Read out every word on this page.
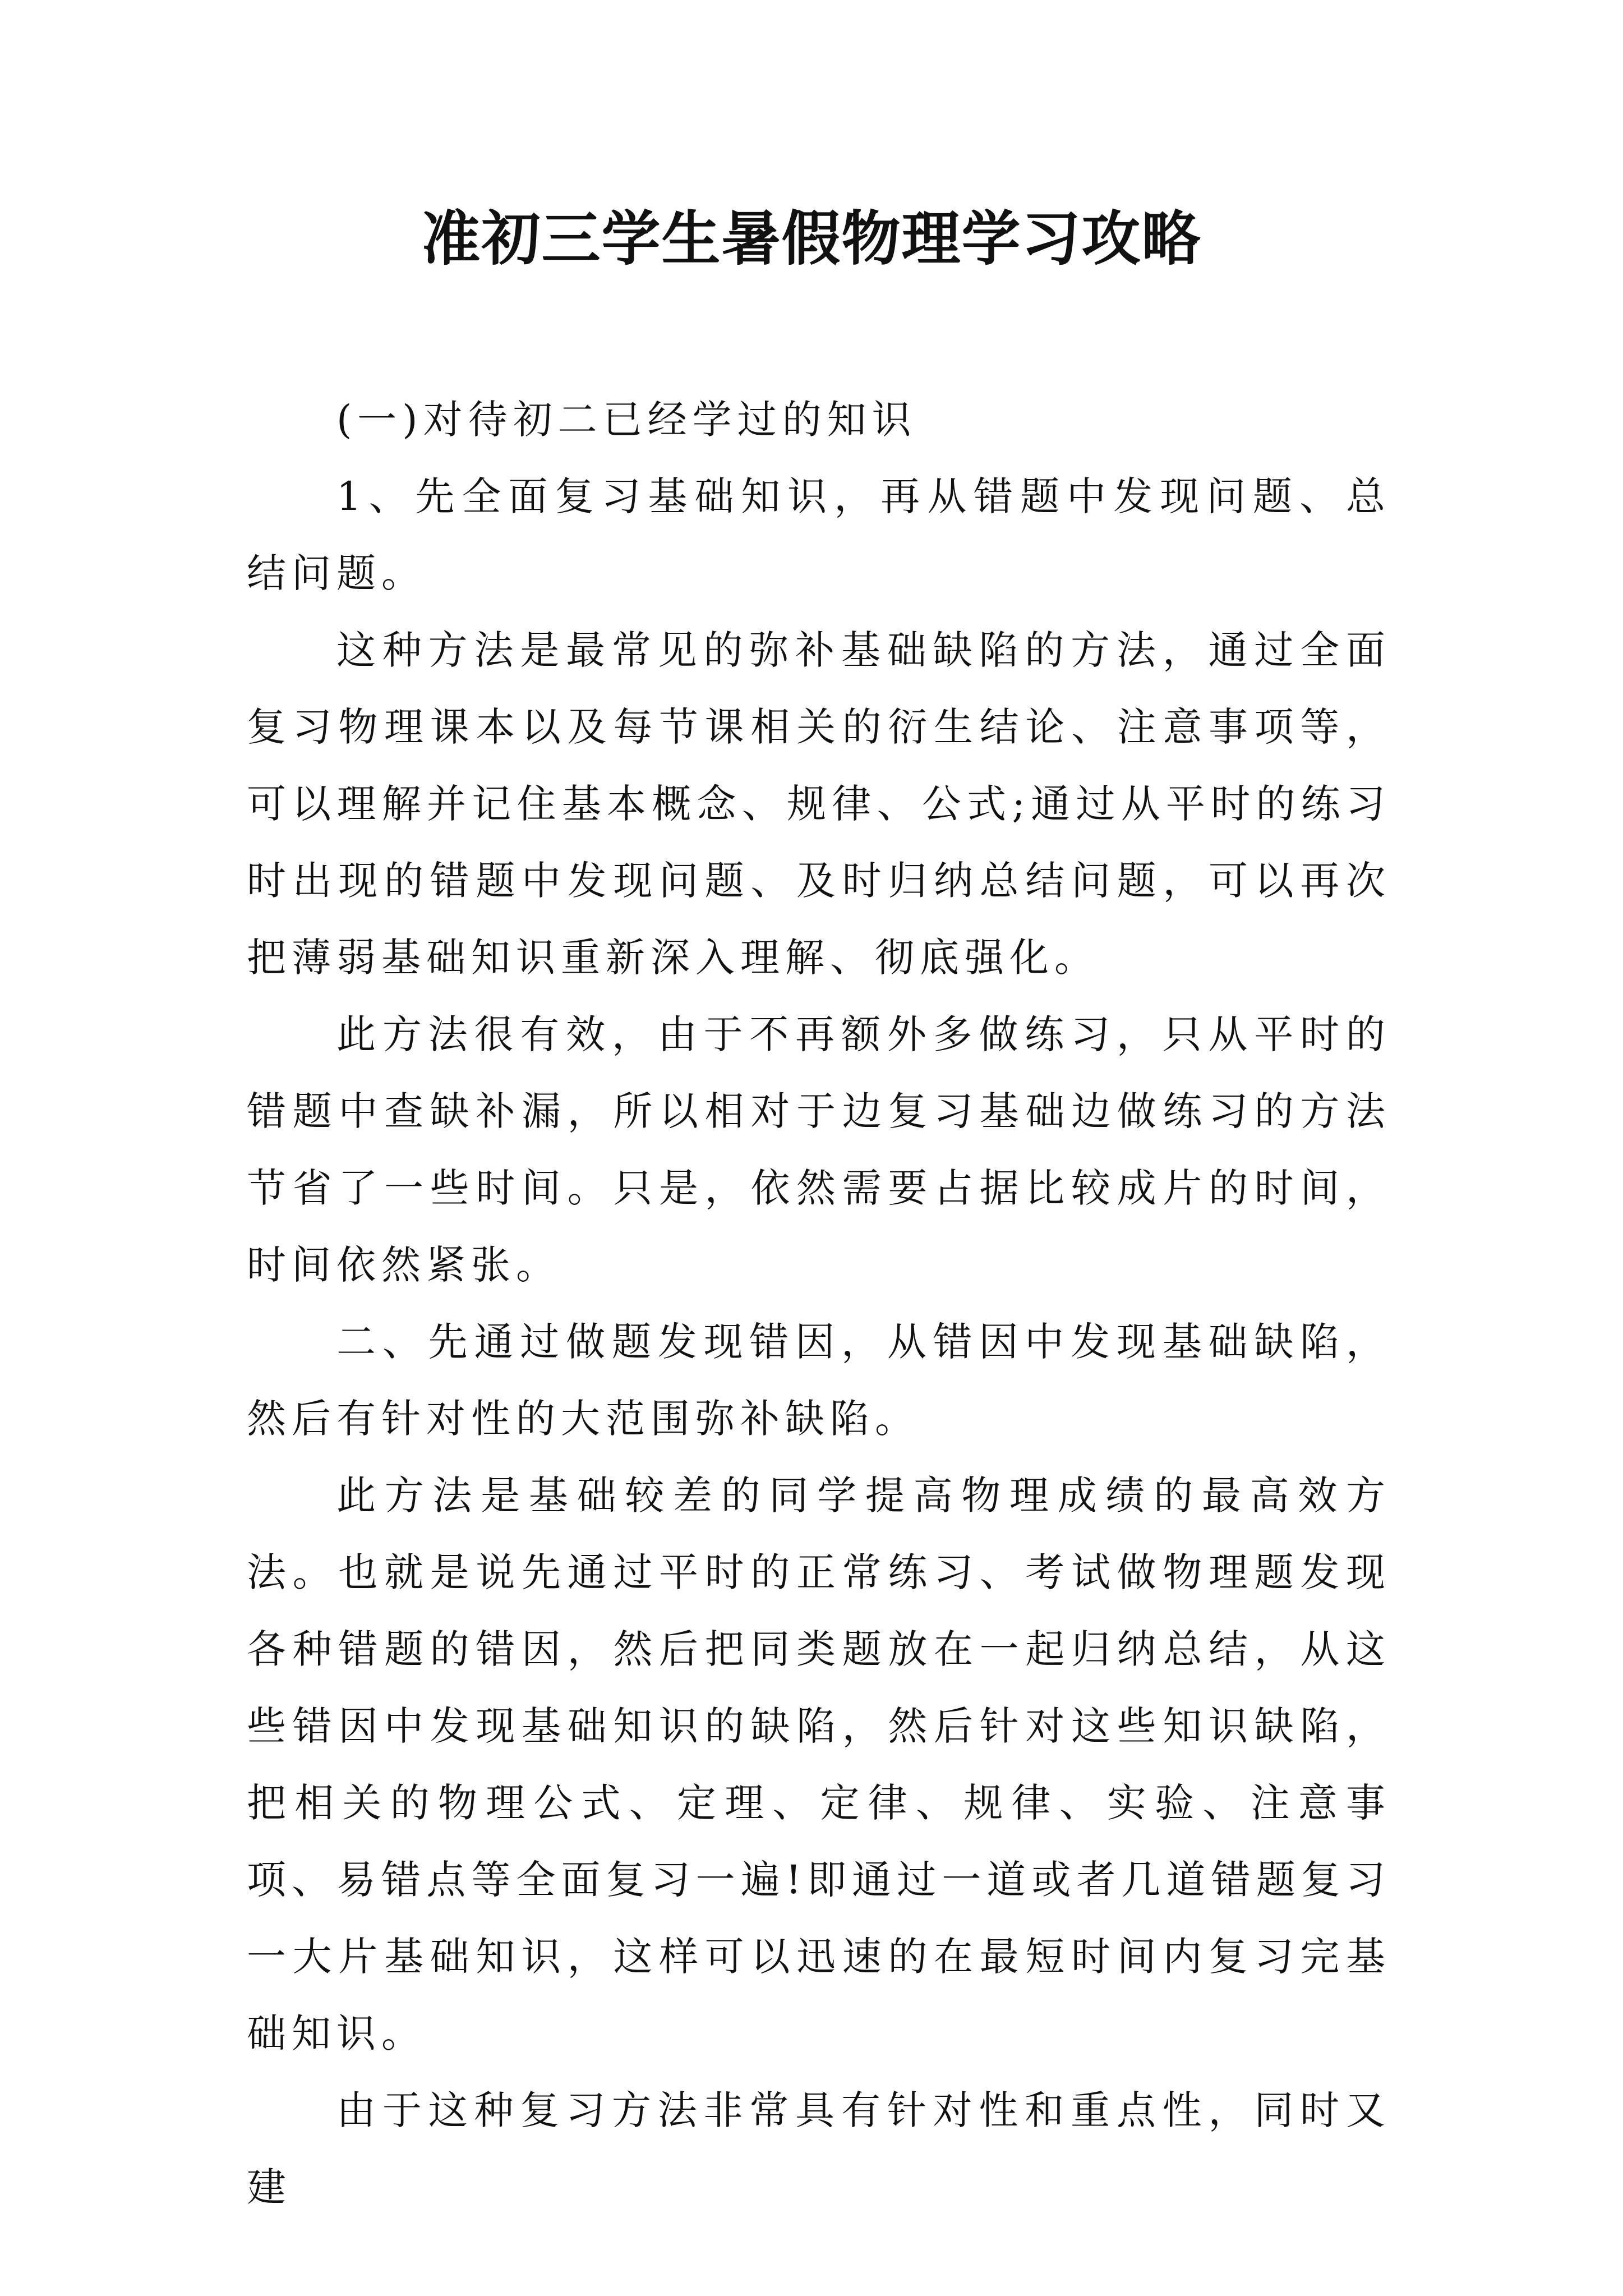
准初三学生暑假物理学习攻略

(一)对待初二已经学过的知识

1、先全面复习基础知识，再从错题中发现问题、总结问题。

这种方法是最常见的弥补基础缺陷的方法，通过全面复习物理课本以及每节课相关的衍生结论、注意事项等，可以理解并记住基本概念、规律、公式;通过从平时的练习时出现的错题中发现问题、及时归纳总结问题，可以再次把薄弱基础知识重新深入理解、彻底强化。

此方法很有效，由于不再额外多做练习，只从平时的错题中查缺补漏，所以相对于边复习基础边做练习的方法节省了一些时间。只是，依然需要占据比较成片的时间，时间依然紧张。

二、先通过做题发现错因，从错因中发现基础缺陷，然后有针对性的大范围弥补缺陷。

此方法是基础较差的同学提高物理成绩的最高效方法。也就是说先通过平时的正常练习、考试做物理题发现各种错题的错因，然后把同类题放在一起归纳总结，从这些错因中发现基础知识的缺陷，然后针对这些知识缺陷，把相关的物理公式、定理、定律、规律、实验、注意事项、易错点等全面复习一遍!即通过一道或者几道错题复习一大片基础知识，这样可以迅速的在最短时间内复习完基础知识。

由于这种复习方法非常具有针对性和重点性，同时又建
